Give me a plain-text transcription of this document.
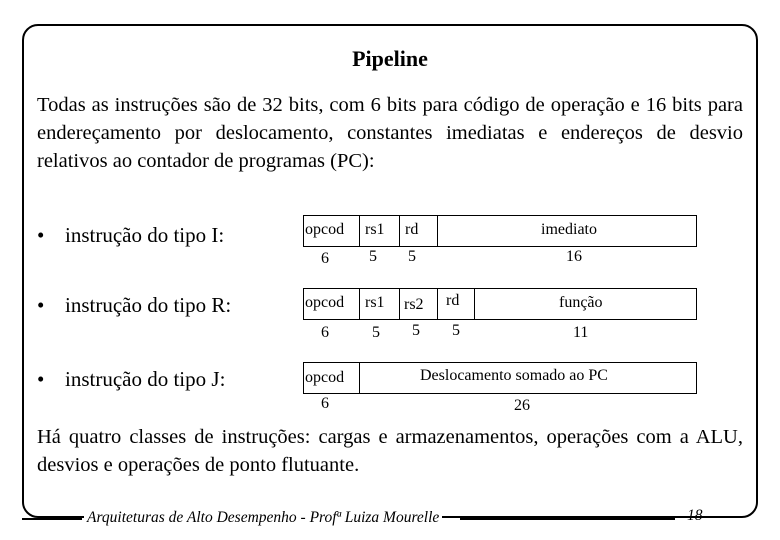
Pipeline
Todas as instruções são de 32 bits, com 6 bits para código de operação e 16 bits para endereçamento por deslocamento, constantes imediatas e endereços de desvio relativos ao contador de programas (PC):
• instrução do tipo I:	opcod rs1 rd	imediato
6	5 5	16
• instrução do tipo R:	opcod rs1 rs2 rd	função
6	5 5 5	11
• instrução do tipo J:	opcod	Deslocamento somado ao PC
6	26
Há quatro classes de instruções: cargas e armazenamentos, operações com a ALU, desvios e operações de ponto flutuante.
Arquiteturas de Alto Desempenho - Profª Luiza Mourelle	18
